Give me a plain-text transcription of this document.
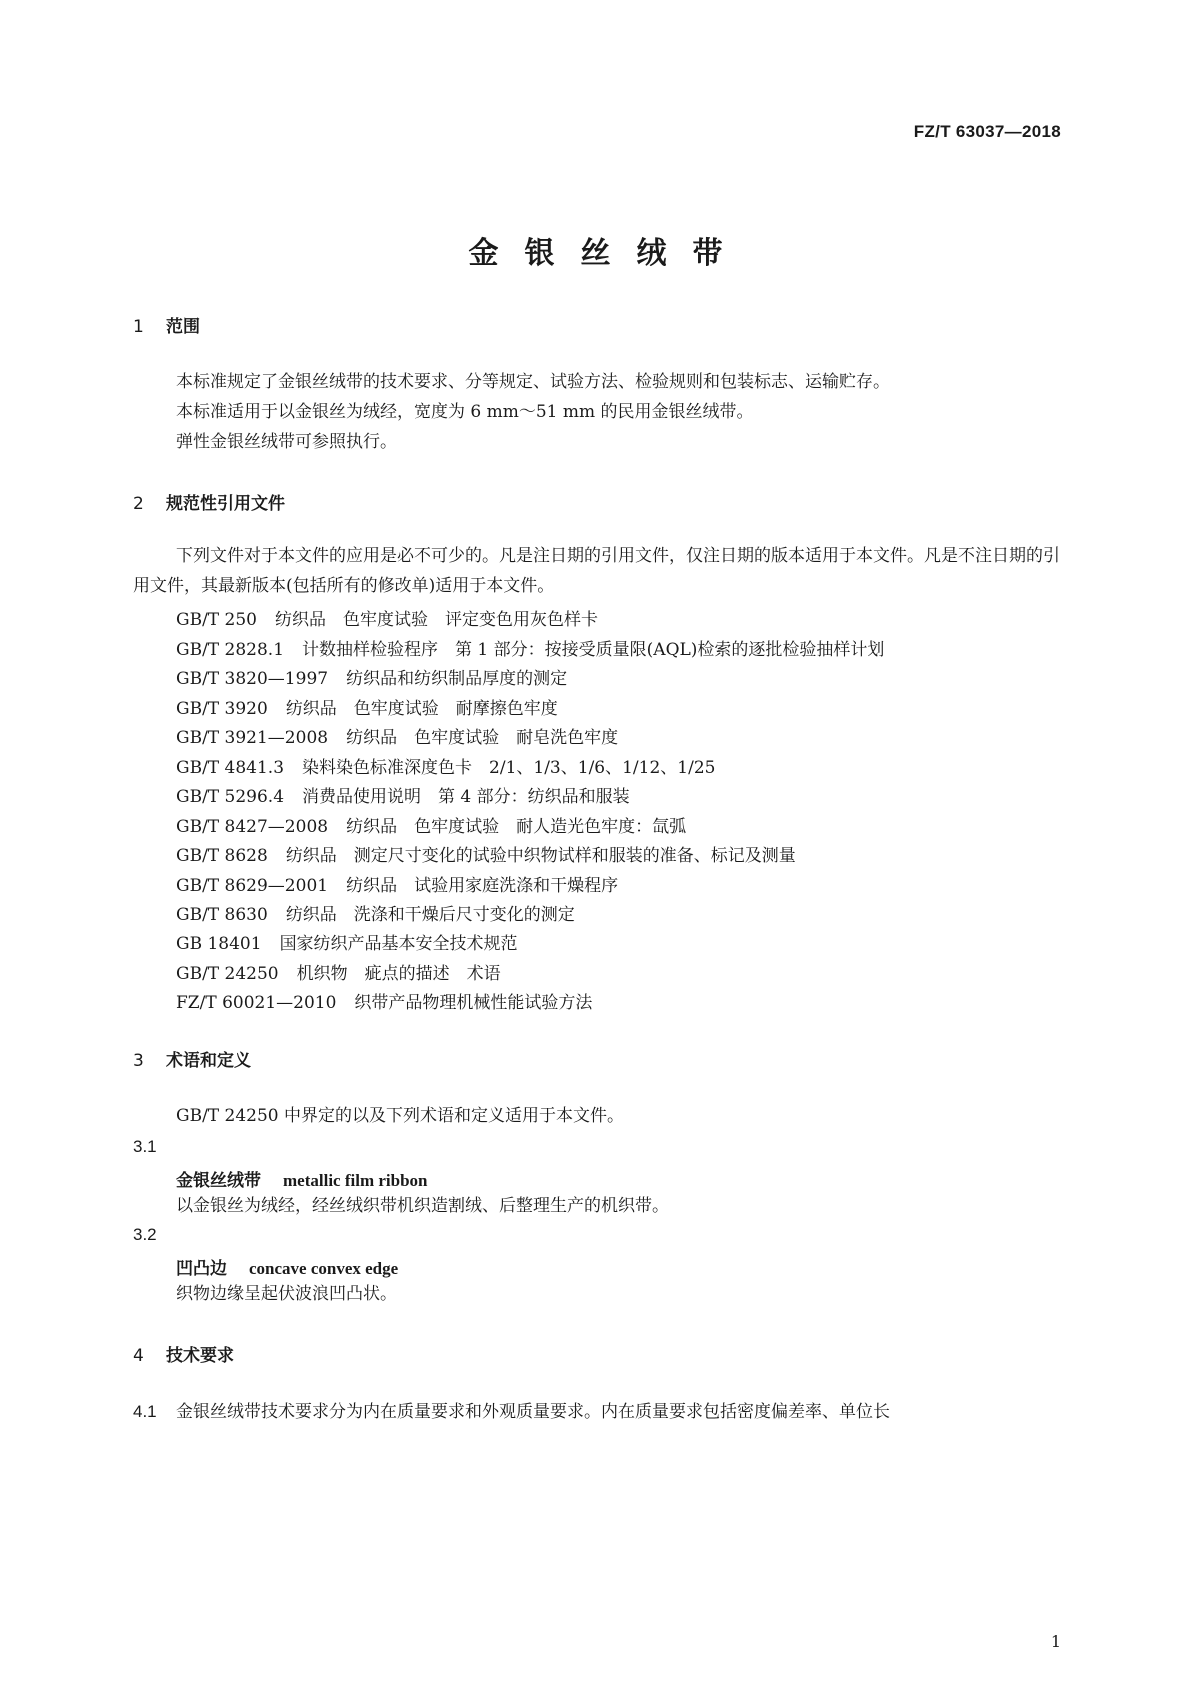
FZ/T 63037—2018
金银丝绒带
1 范围
本标准规定了金银丝绒带的技术要求、分等规定、试验方法、检验规则和包装标志、运输贮存。
本标准适用于以金银丝为绒经，宽度为 6 mm～51 mm 的民用金银丝绒带。
弹性金银丝绒带可参照执行。
2 规范性引用文件
下列文件对于本文件的应用是必不可少的。凡是注日期的引用文件，仅注日期的版本适用于本文件。凡是不注日期的引用文件，其最新版本(包括所有的修改单)适用于本文件。
GB/T 250 纺织品　色牢度试验　评定变色用灰色样卡
GB/T 2828.1 计数抽样检验程序　第 1 部分：按接受质量限(AQL)检索的逐批检验抽样计划
GB/T 3820—1997 纺织品和纺织制品厚度的测定
GB/T 3920 纺织品　色牢度试验　耐摩擦色牢度
GB/T 3921—2008 纺织品　色牢度试验　耐皂洗色牢度
GB/T 4841.3 染料染色标准深度色卡　2/1、1/3、1/6、1/12、1/25
GB/T 5296.4 消费品使用说明　第 4 部分：纺织品和服装
GB/T 8427—2008 纺织品　色牢度试验　耐人造光色牢度：氙弧
GB/T 8628 纺织品　测定尺寸变化的试验中织物试样和服装的准备、标记及测量
GB/T 8629—2001 纺织品　试验用家庭洗涤和干燥程序
GB/T 8630 纺织品　洗涤和干燥后尺寸变化的测定
GB 18401 国家纺织产品基本安全技术规范
GB/T 24250 机织物　疵点的描述　术语
FZ/T 60021—2010 织带产品物理机械性能试验方法
3 术语和定义
GB/T 24250 中界定的以及下列术语和定义适用于本文件。
3.1
金银丝绒带 metallic film ribbon
以金银丝为绒经，经丝绒织带机织造割绒、后整理生产的机织带。
3.2
凹凸边 concave convex edge
织物边缘呈起伏波浪凹凸状。
4 技术要求
4.1 金银丝绒带技术要求分为内在质量要求和外观质量要求。内在质量要求包括密度偏差率、单位长
1
